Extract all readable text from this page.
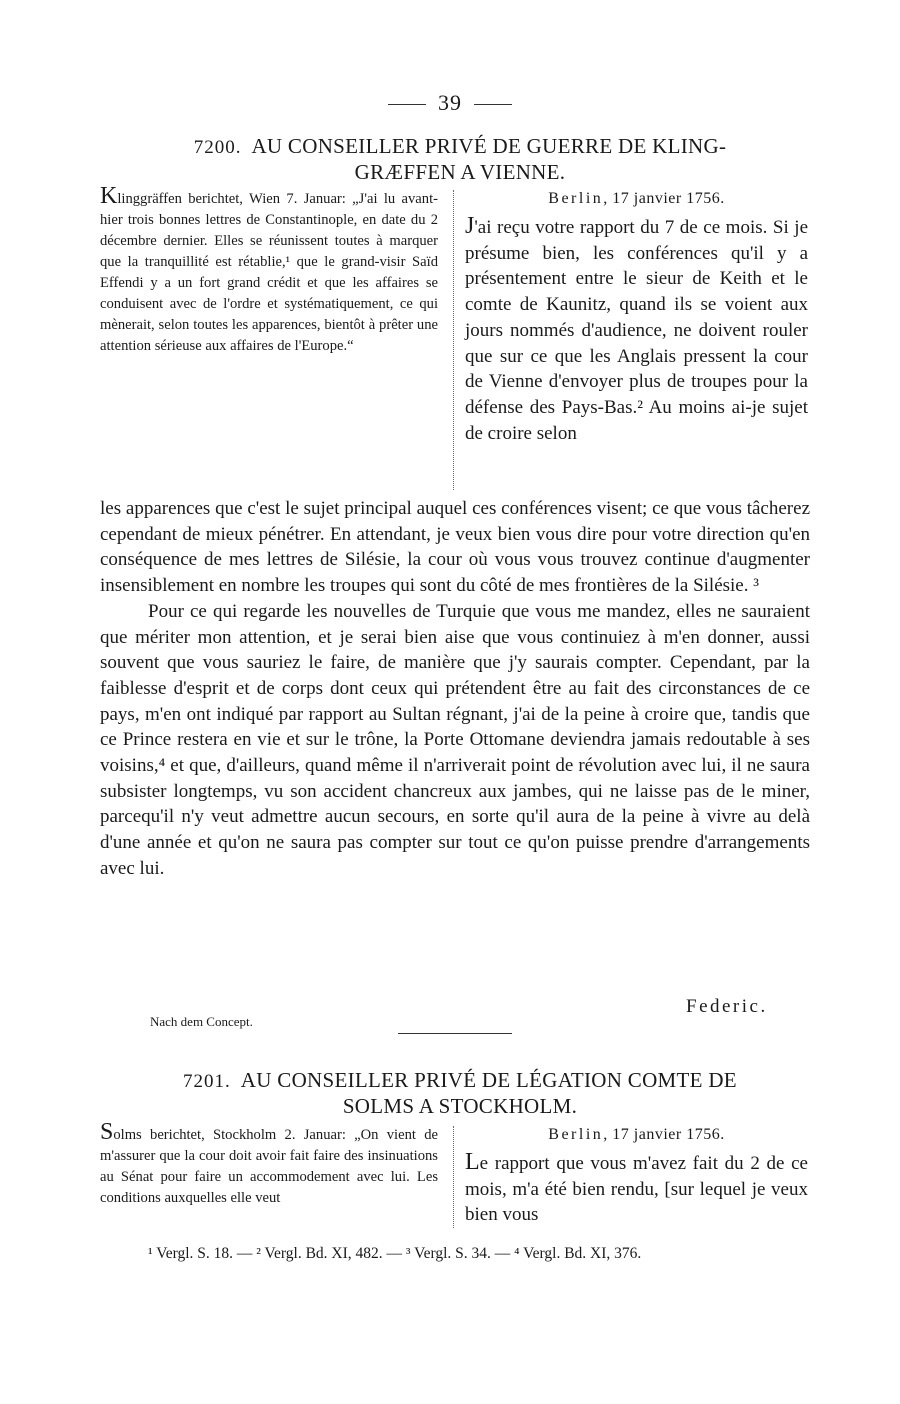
39
7200. AU CONSEILLER PRIVÉ DE GUERRE DE KLING-
GRÆFFEN A VIENNE.
Klinggräffen berichtet, Wien 7. Januar: „J'ai lu avant-hier trois bonnes lettres de Constantinople, en date du 2 décembre dernier. Elles se réunissent toutes à marquer que la tranquillité est rétablie,¹ que le grand-visir Saïd Effendi y a un fort grand crédit et que les affaires se conduisent avec de l'ordre et systématiquement, ce qui mènerait, selon toutes les apparences, bientôt à prêter une attention sérieuse aux affaires de l'Europe.“
Berlin, 17 janvier 1756.
J'ai reçu votre rapport du 7 de ce mois. Si je présume bien, les conférences qu'il y a présentement entre le sieur de Keith et le comte de Kaunitz, quand ils se voient aux jours nommés d'audience, ne doivent rouler que sur ce que les Anglais pressent la cour de Vienne d'envoyer plus de troupes pour la défense des Pays-Bas.² Au moins ai-je sujet de croire selon

les apparences que c'est le sujet principal auquel ces conférences visent; ce que vous tâcherez cependant de mieux pénétrer. En attendant, je veux bien vous dire pour votre direction qu'en conséquence de mes lettres de Silésie, la cour où vous vous trouvez continue d'augmenter insensiblement en nombre les troupes qui sont du côté de mes frontières de la Silésie. ³

Pour ce qui regarde les nouvelles de Turquie que vous me mandez, elles ne sauraient que mériter mon attention, et je serai bien aise que vous continuiez à m'en donner, aussi souvent que vous sauriez le faire, de manière que j'y saurais compter. Cependant, par la faiblesse d'esprit et de corps dont ceux qui prétendent être au fait des circonstances de ce pays, m'en ont indiqué par rapport au Sultan régnant, j'ai de la peine à croire que, tandis que ce Prince restera en vie et sur le trône, la Porte Ottomane deviendra jamais redoutable à ses voisins,⁴ et que, d'ailleurs, quand même il n'arriverait point de révolution avec lui, il ne saura subsister longtemps, vu son accident chancreux aux jambes, qui ne laisse pas de le miner, parcequ'il n'y veut admettre aucun secours, en sorte qu'il aura de la peine à vivre au delà d'une année et qu'on ne saura pas compter sur tout ce qu'on puisse prendre d'arrangements avec lui.

Federic.
Nach dem Concept.
7201. AU CONSEILLER PRIVÉ DE LÉGATION COMTE DE
SOLMS A STOCKHOLM.
Solms berichtet, Stockholm 2. Januar: „On vient de m'assurer que la cour doit avoir fait faire des insinuations au Sénat pour faire un accommodement avec lui. Les conditions auxquelles elle veut
Berlin, 17 janvier 1756.
Le rapport que vous m'avez fait du 2 de ce mois, m'a été bien rendu, [sur lequel je veux bien vous
¹ Vergl. S. 18. — ² Vergl. Bd. XI, 482. — ³ Vergl. S. 34. — ⁴ Vergl. Bd. XI, 376.
